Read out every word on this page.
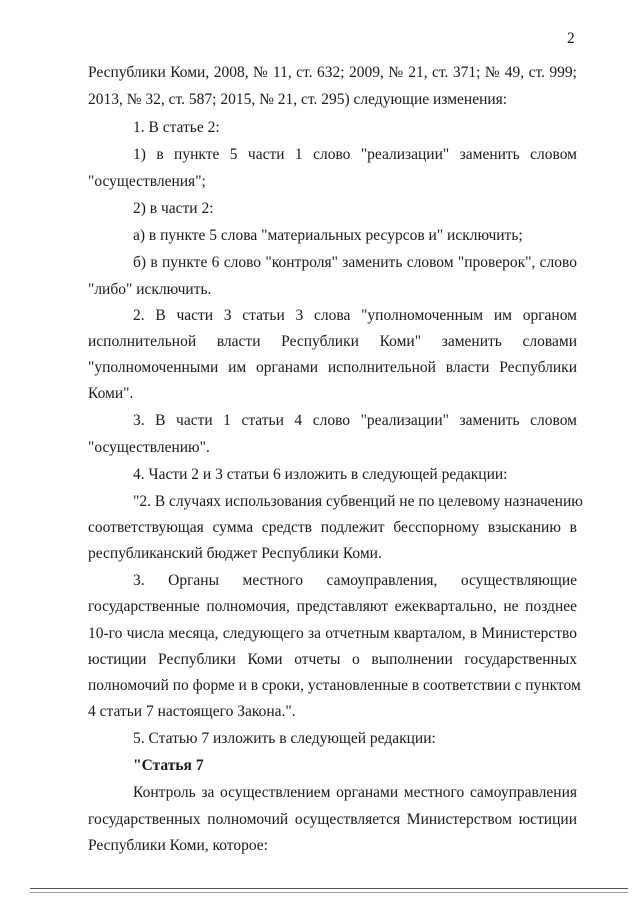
2
Республики Коми, 2008, № 11, ст. 632; 2009, № 21, ст. 371; № 49, ст. 999;
2013, № 32, ст. 587; 2015, № 21, ст. 295) следующие изменения:
1. В статье 2:
1) в пункте 5 части 1 слово "реализации" заменить словом
"осуществления";
2) в части 2:
а) в пункте 5 слова "материальных ресурсов и" исключить;
б) в пункте 6 слово "контроля" заменить словом "проверок", слово
"либо" исключить.
2. В части 3 статьи 3 слова "уполномоченным им органом
исполнительной власти Республики Коми" заменить словами
"уполномоченными им органами исполнительной власти Республики
Коми".
3. В части 1 статьи 4 слово "реализации" заменить словом
"осуществлению".
4. Части 2 и 3 статьи 6 изложить в следующей редакции:
"2. В случаях использования субвенций не по целевому назначению
соответствующая сумма средств подлежит бесспорному взысканию в
республиканский бюджет Республики Коми.
3. Органы местного самоуправления, осуществляющие
государственные полномочия, представляют ежеквартально, не позднее
10-го числа месяца, следующего за отчетным кварталом, в Министерство
юстиции Республики Коми отчеты о выполнении государственных
полномочий по форме и в сроки, установленные в соответствии с пунктом
4 статьи 7 настоящего Закона.".
5. Статью 7 изложить в следующей редакции:
"Статья 7
Контроль за осуществлением органами местного самоуправления
государственных полномочий осуществляется Министерством юстиции
Республики Коми, которое:
